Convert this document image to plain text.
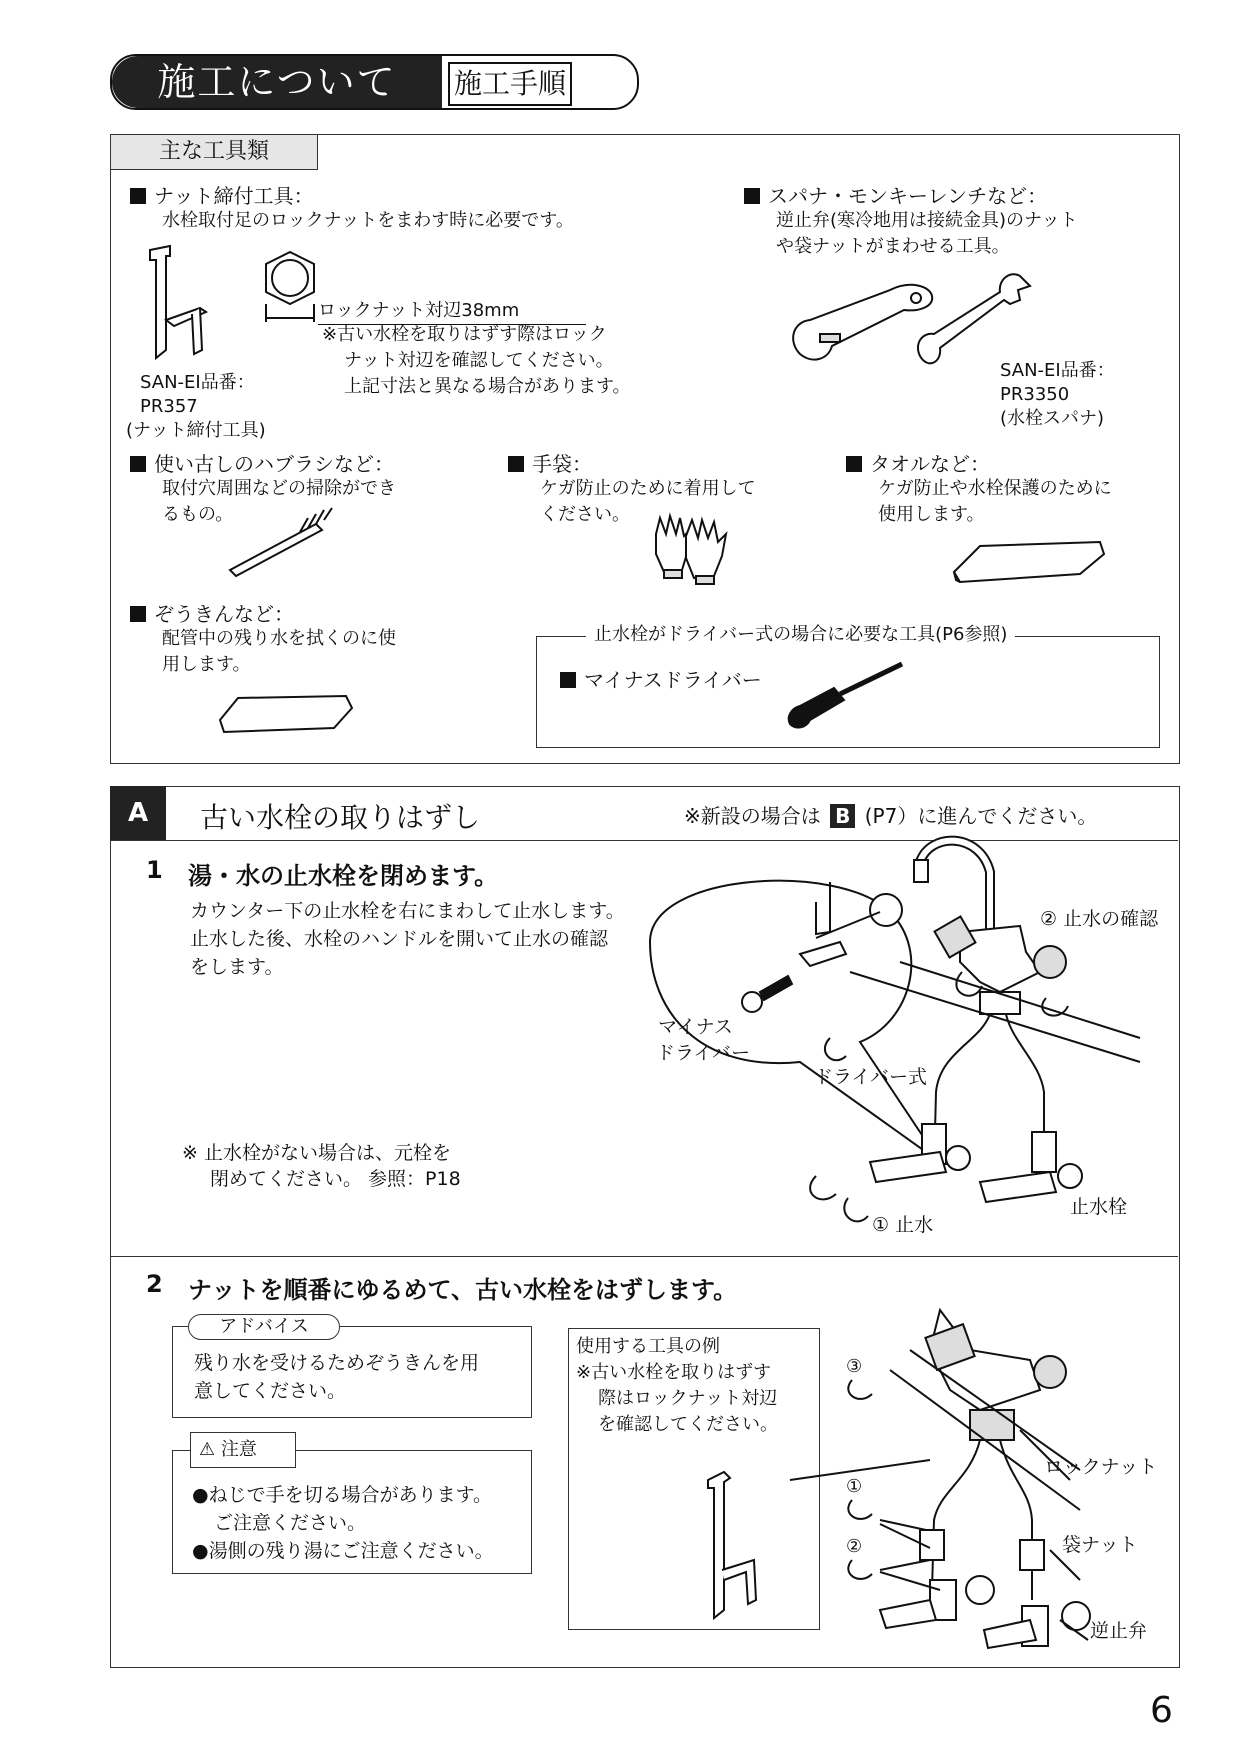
施工について	施工手順
主な工具類
ナット締付工具：
水栓取付足のロックナットをまわす時に必要です。
ロックナット対辺38mm
※古い水栓を取りはずす際はロック
ナット対辺を確認してください。
上記寸法と異なる場合があります。
SAN-EI品番：
PR357
(ナット締付工具)
スパナ・モンキーレンチなど：
逆止弁(寒冷地用は接続金具)のナット
や袋ナットがまわせる工具。
SAN-EI品番：
PR3350
(水栓スパナ)
使い古しのハブラシなど：
取付穴周囲などの掃除ができ
るもの。
手袋：
ケガ防止のために着用して
ください。
タオルなど：
ケガ防止や水栓保護のために
使用します。
ぞうきんなど：
配管中の残り水を拭くのに使
用します。
止水栓がドライバー式の場合に必要な工具(P6参照)
マイナスドライバー
A	古い水栓の取りはずし	※新設の場合は B (P7）に進んでください。
1 湯・水の止水栓を閉めます。
カウンター下の止水栓を右にまわして止水します。
止水した後、水栓のハンドルを開いて止水の確認
をします。
※ 止水栓がない場合は、元栓を
閉めてください。 参照：P18
② 止水の確認
マイナス
ドライバー
ドライバー式
止水栓
① 止水
2 ナットを順番にゆるめて、古い水栓をはずします。
アドバイス
残り水を受けるためぞうきんを用
意してください。
⚠ 注意
●ねじで手を切る場合があります。
ご注意ください。
●湯側の残り湯にご注意ください。
使用する工具の例
※古い水栓を取りはずす
際はロックナット対辺
を確認してください。
③
①
②
ロックナット
袋ナット
逆止弁
6
